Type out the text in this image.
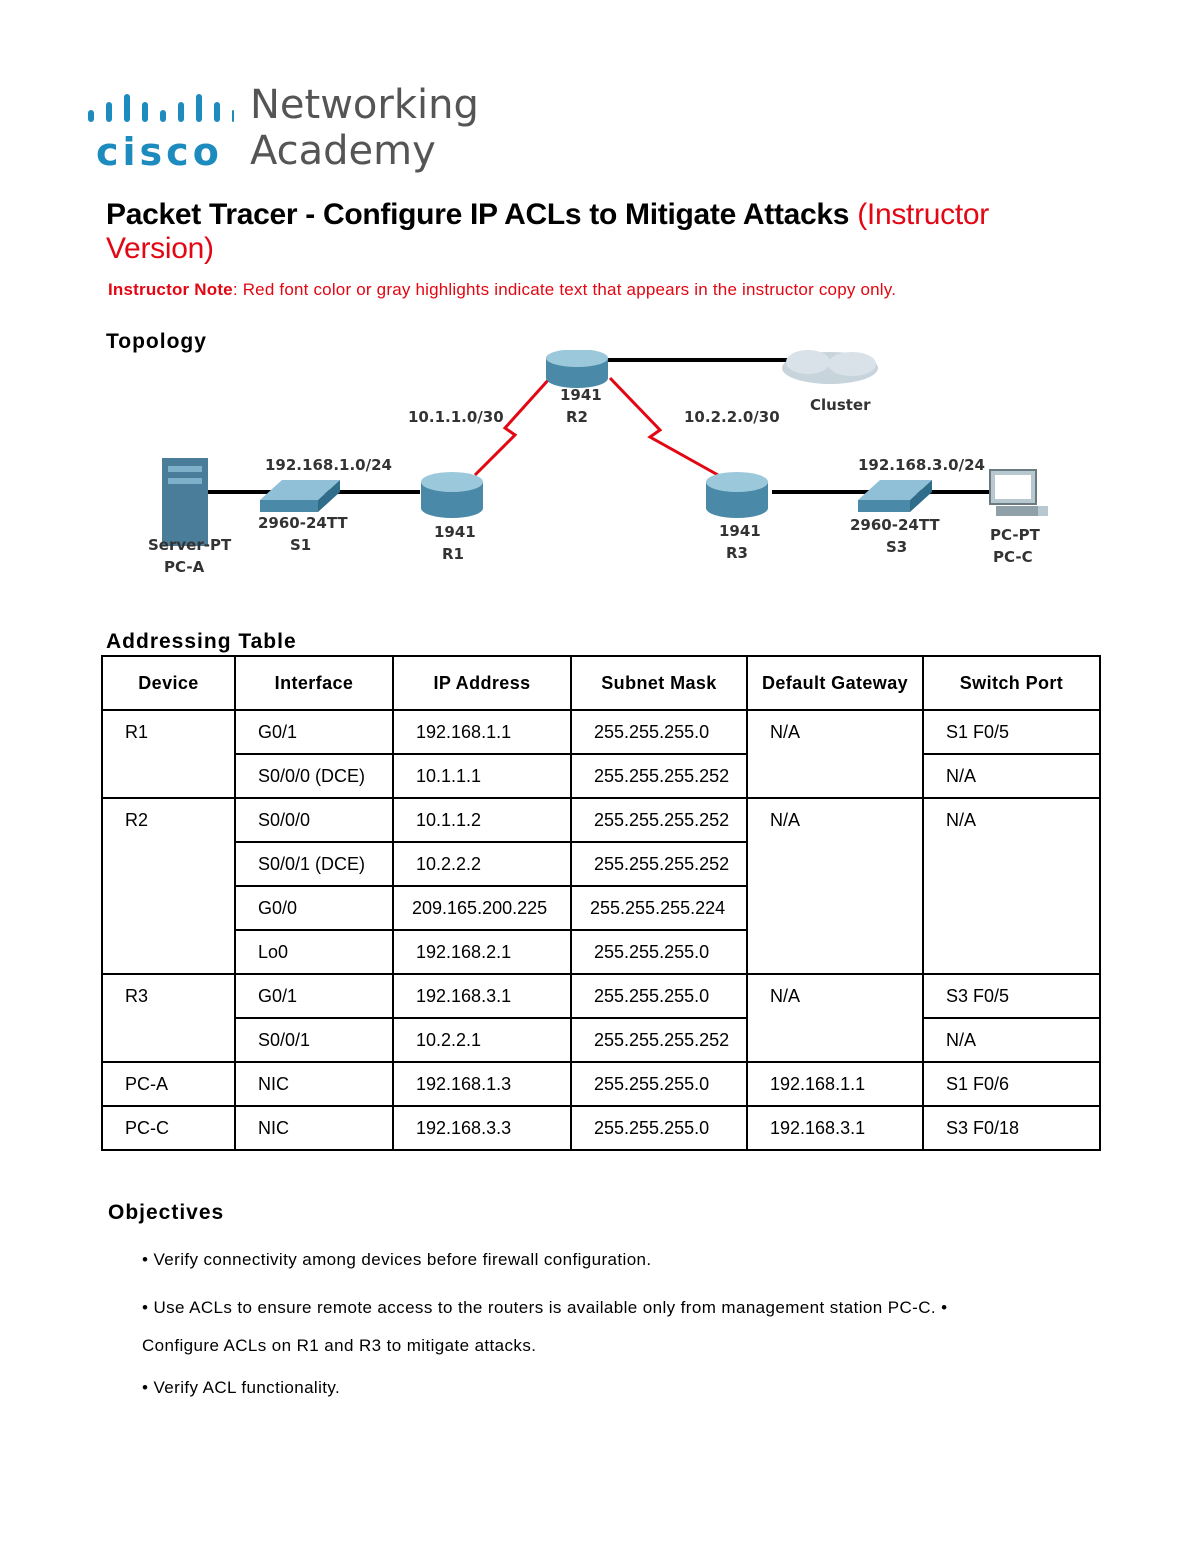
cisco
Networking
Academy
Packet Tracer - Configure IP ACLs to Mitigate Attacks (Instructor Version)
Instructor Note: Red font color or gray highlights indicate text that appears in the instructor copy only.
Topology
192.168.1.0/24
10.1.1.0/30	10.2.2.0/30
192.168.3.0/24
Server-PT
PC-A
2960-24TT
S1
1941
R1
1941
R2
1941
R3
2960-24TT
S3
PC-PT
PC-C
Cluster
Addressing Table
Device	Interface	IP Address	Subnet Mask	Default Gateway	Switch Port
R1	G0/1	192.168.1.1	255.255.255.0	N/A	S1 F0/5
	S0/0/0 (DCE)	10.1.1.1	255.255.255.252		N/A
R2	S0/0/0	10.1.1.2	255.255.255.252	N/A	N/A
	S0/0/1 (DCE)	10.2.2.2	255.255.255.252		
	G0/0	209.165.200.225	255.255.255.224		
	Lo0	192.168.2.1	255.255.255.0		
R3	G0/1	192.168.3.1	255.255.255.0	N/A	S3 F0/5
	S0/0/1	10.2.2.1	255.255.255.252		N/A
PC-A	NIC	192.168.1.3	255.255.255.0	192.168.1.1	S1 F0/6
PC-C	NIC	192.168.3.3	255.255.255.0	192.168.3.1	S3 F0/18
Objectives
• Verify connectivity among devices before firewall configuration.
• Use ACLs to ensure remote access to the routers is available only from management station PC-C. •
Configure ACLs on R1 and R3 to mitigate attacks.
• Verify ACL functionality.
